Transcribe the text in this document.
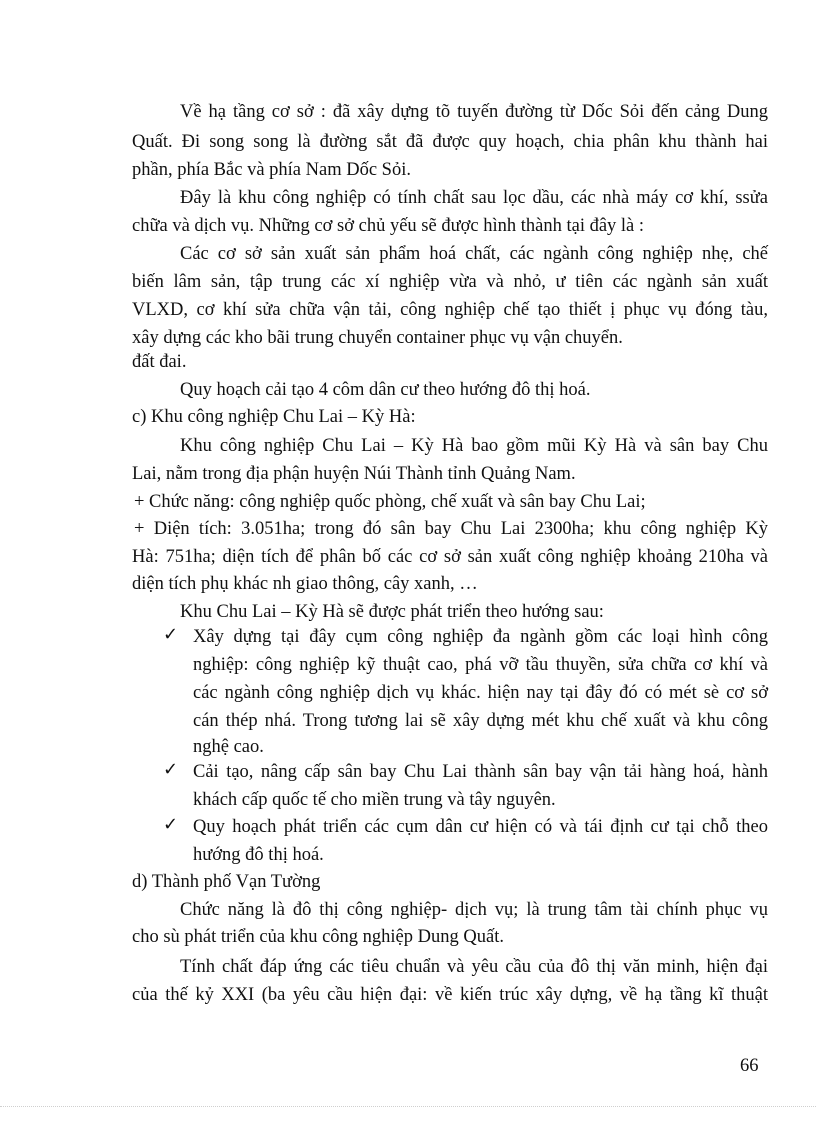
Về hạ tầng cơ sở : đã xây dựng tõ tuyến đường từ Dốc Sỏi đến cảng Dung
Quất. Đi song song là đường sắt đã được quy hoạch, chia phân khu thành hai
phần, phía Bắc và phía Nam Dốc Sỏi.
Đây là khu công nghiệp có tính chất sau lọc dầu, các nhà máy cơ khí, ssửa
chữa và dịch vụ. Những cơ sở chủ yếu sẽ được hình thành tại đây là :
Các cơ sở sản xuất sản phẩm hoá chất, các ngành công nghiệp nhẹ, chế
biến lâm sản, tập trung các xí nghiệp vừa và nhỏ, ư tiên các ngành sản xuất
VLXD, cơ khí sửa chữa vận tải, công nghiệp chế tạo thiết ị phục vụ đóng tàu,
xây dựng các kho bãi trung chuyển container phục vụ vận chuyển.
đất đai.
Quy hoạch cải tạo 4 côm dân cư theo hướng đô thị hoá.
c) Khu công nghiệp Chu Lai – Kỳ Hà:
Khu công nghiệp Chu Lai – Kỳ Hà bao gồm mũi Kỳ Hà và sân bay Chu
Lai, nằm trong địa phận huyện Núi Thành tỉnh Quảng Nam.
+ Chức năng: công nghiệp quốc phòng, chế xuất và sân bay Chu Lai;
+ Diện tích: 3.051ha; trong đó sân bay Chu Lai 2300ha; khu công nghiệp Kỳ
Hà: 751ha; diện tích để phân bố các cơ sở sản xuất công nghiệp khoảng 210ha và
diện tích phụ khác nh giao thông, cây xanh, …
Khu Chu Lai – Kỳ Hà sẽ được phát triển theo hướng sau:
✓ Xây dựng tại đây cụm công nghiệp đa ngành gồm các loại hình công
nghiệp: công nghiệp kỹ thuật cao, phá vỡ tầu thuyền, sửa chữa cơ khí và
các ngành công nghiệp dịch vụ khác. hiện nay tại đây đó có mét sè cơ sở
cán thép nhá. Trong tương lai sẽ xây dựng mét khu chế xuất và khu công
nghệ cao.
✓ Cải tạo, nâng cấp sân bay Chu Lai thành sân bay vận tải hàng hoá, hành
khách cấp quốc tế cho miền trung và tây nguyên.
✓ Quy hoạch phát triển các cụm dân cư hiện có và tái định cư tại chỗ theo
hướng đô thị hoá.
d) Thành phố Vạn Tường
Chức năng là đô thị công nghiệp- dịch vụ; là trung tâm tài chính phục vụ
cho sù phát triển của khu công nghiệp Dung Quất.
Tính chất đáp ứng các tiêu chuẩn và yêu cầu của đô thị văn minh, hiện đại
của thế kỷ XXI (ba yêu cầu hiện đại: về kiến trúc xây dựng, về hạ tầng kĩ thuật
66
